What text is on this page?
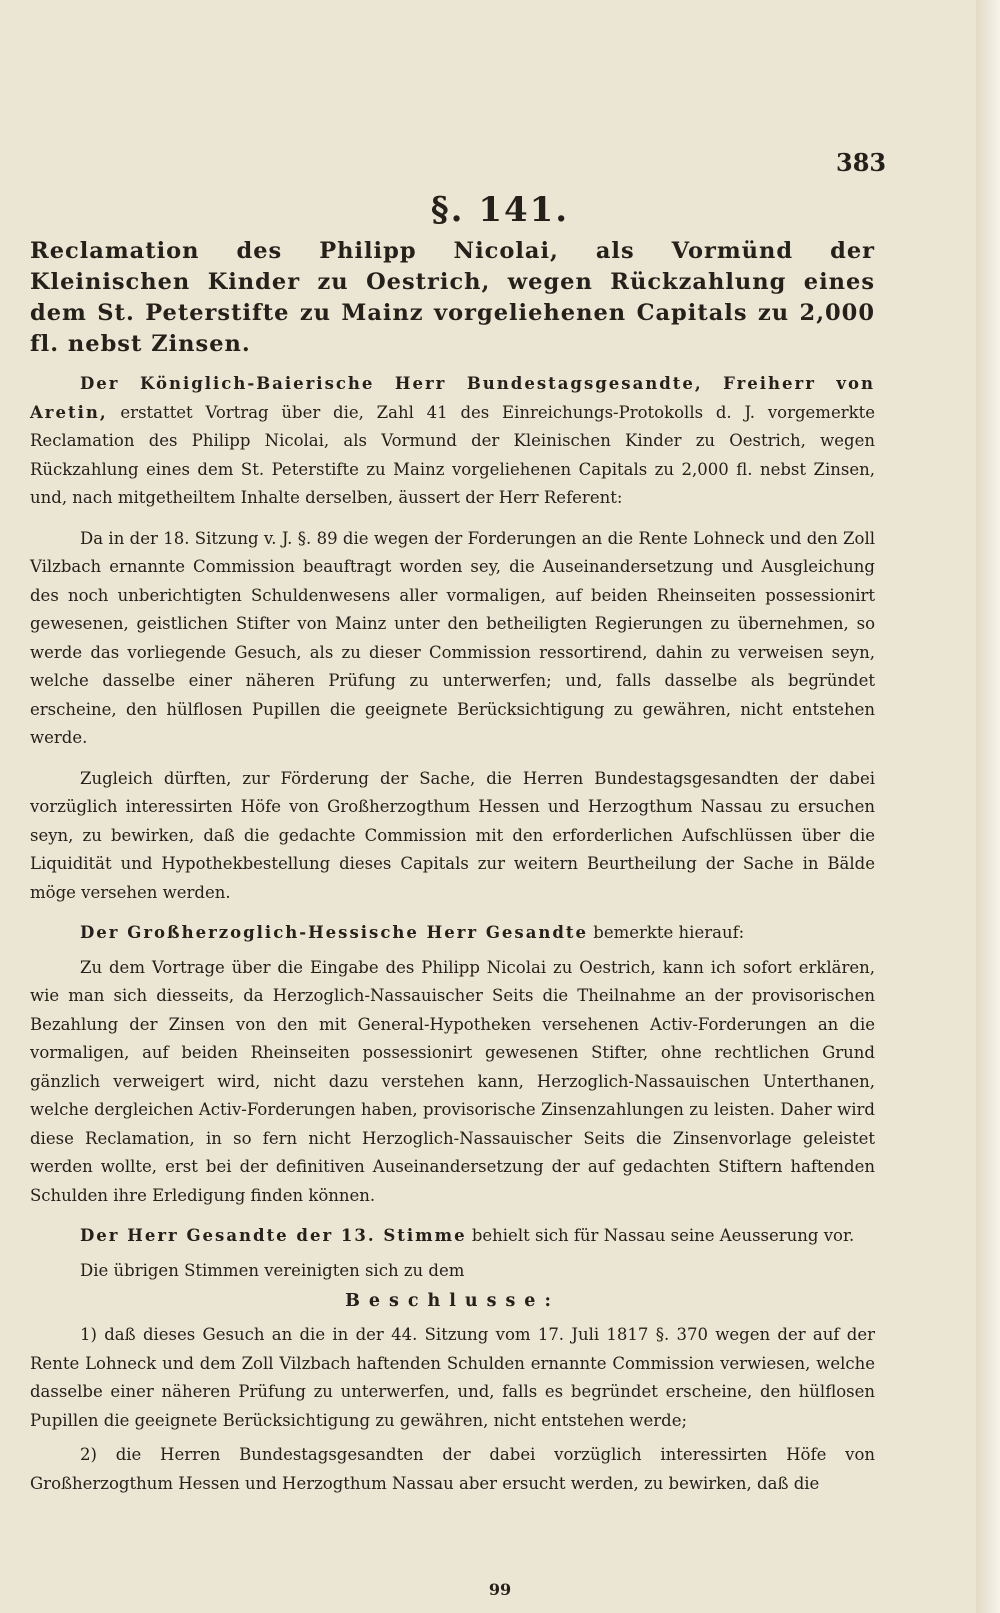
383
§. 141.
Reclamation des Philipp Nicolai, als Vormünd der Kleinischen Kinder zu Oestrich, wegen Rückzahlung eines dem St. Peterstifte zu Mainz vorgeliehenen Capitals zu 2,000 fl. nebst Zinsen.

Der Königlich-Baierische Herr Bundestagsgesandte, Freiherr von Aretin, erstattet Vortrag über die, Zahl 41 des Einreichungs-Protokolls d. J. vorgemerkte Reclamation des Philipp Nicolai, als Vormund der Kleinischen Kinder zu Oestrich, wegen Rückzahlung eines dem St. Peterstifte zu Mainz vorgeliehenen Capitals zu 2,000 fl. nebst Zinsen, und, nach mitgetheiltem Inhalte derselben, äussert der Herr Referent:

Da in der 18. Sitzung v. J. §. 89 die wegen der Forderungen an die Rente Lohneck und den Zoll Vilzbach ernannte Commission beauftragt worden sey, die Auseinandersetzung und Ausgleichung des noch unberichtigten Schuldenwesens aller vormaligen, auf beiden Rheinseiten possessionirt gewesenen, geistlichen Stifter von Mainz unter den betheiligten Regierungen zu übernehmen, so werde das vorliegende Gesuch, als zu dieser Commission ressortirend, dahin zu verweisen seyn, welche dasselbe einer näheren Prüfung zu unterwerfen; und, falls dasselbe als begründet erscheine, den hülflosen Pupillen die geeignete Berücksichtigung zu gewähren, nicht entstehen werde.

Zugleich dürften, zur Förderung der Sache, die Herren Bundestagsgesandten der dabei vorzüglich interessirten Höfe von Großherzogthum Hessen und Herzogthum Nassau zu ersuchen seyn, zu bewirken, daß die gedachte Commission mit den erforderlichen Aufschlüssen über die Liquidität und Hypothekbestellung dieses Capitals zur weitern Beurtheilung der Sache in Bälde möge versehen werden.

Der Großherzoglich-Hessische Herr Gesandte bemerkte hierauf:

Zu dem Vortrage über die Eingabe des Philipp Nicolai zu Oestrich, kann ich sofort erklären, wie man sich diesseits, da Herzoglich-Nassauischer Seits die Theilnahme an der provisorischen Bezahlung der Zinsen von den mit General-Hypotheken versehenen Activ-Forderungen an die vormaligen, auf beiden Rheinseiten possessionirt gewesenen Stifter, ohne rechtlichen Grund gänzlich verweigert wird, nicht dazu verstehen kann, Herzoglich-Nassauischen Unterthanen, welche dergleichen Activ-Forderungen haben, provisorische Zinsenzahlungen zu leisten. Daher wird diese Reclamation, in so fern nicht Herzoglich-Nassauischer Seits die Zinsenvorlage geleistet werden wollte, erst bei der definitiven Auseinandersetzung der auf gedachten Stiftern haftenden Schulden ihre Erledigung finden können.

Der Herr Gesandte der 13. Stimme behielt sich für Nassau seine Aeusserung vor.

Die übrigen Stimmen vereinigten sich zu dem

Beschlusse:

1) daß dieses Gesuch an die in der 44. Sitzung vom 17. Juli 1817 §. 370 wegen der auf der Rente Lohneck und dem Zoll Vilzbach haftenden Schulden ernannte Commission verwiesen, welche dasselbe einer näheren Prüfung zu unterwerfen, und, falls es begründet erscheine, den hülflosen Pupillen die geeignete Berücksichtigung zu gewähren, nicht entstehen werde;

2) die Herren Bundestagsgesandten der dabei vorzüglich interessirten Höfe von Großherzogthum Hessen und Herzogthum Nassau aber ersucht werden, zu bewirken, daß die

99
